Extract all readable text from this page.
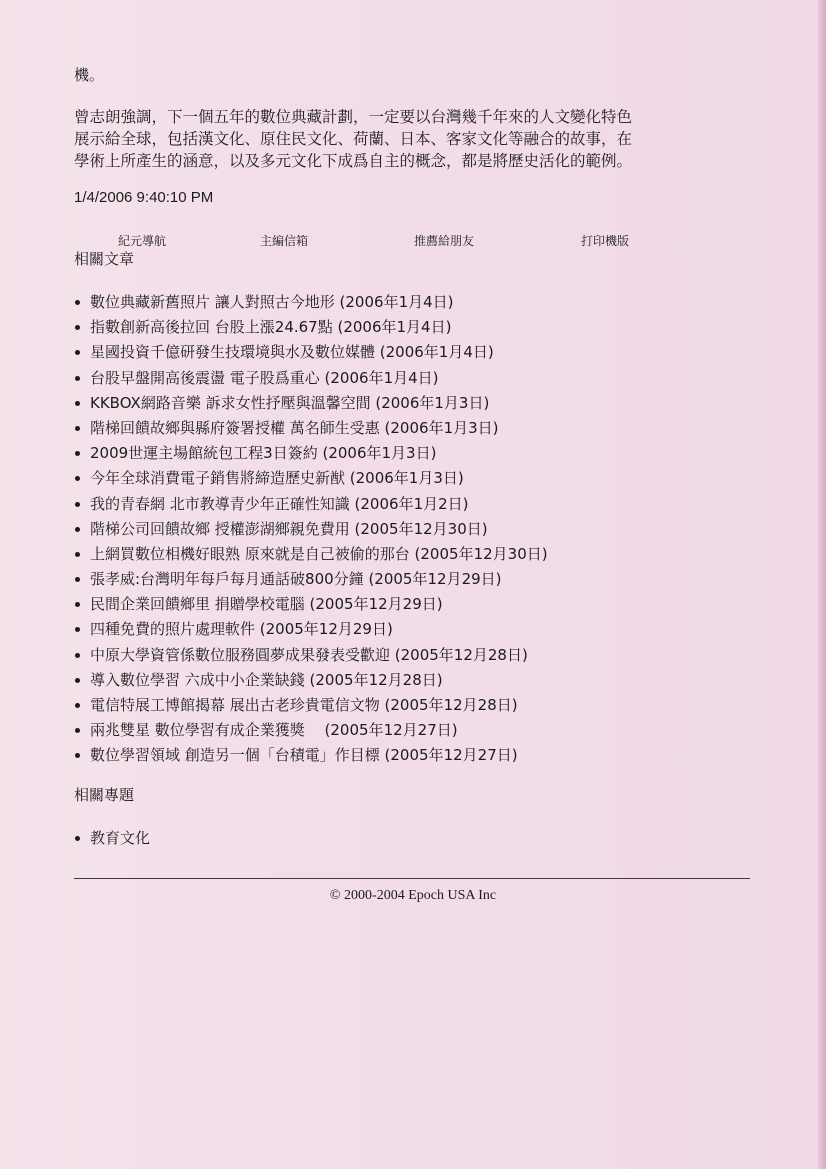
機。

曾志朗強調，下一個五年的數位典藏計劃，一定要以台灣幾千年來的人文變化特色
展示給全球，包括漢文化、原住民文化、荷蘭、日本、客家文化等融合的故事，在
學術上所產生的涵意，以及多元文化下成爲自主的概念，都是將歷史活化的範例。

1/4/2006 9:40:10 PM
紀元導航	主編信箱	推薦給朋友	打印機版
相關文章
數位典藏新舊照片 讓人對照古今地形 (2006年1月4日)
指數創新高後拉回 台股上漲24.67點 (2006年1月4日)
星國投資千億研發生技環境與水及數位媒體 (2006年1月4日)
台股早盤開高後震盪 電子股爲重心 (2006年1月4日)
KKBOX網路音樂 訴求女性抒壓與溫馨空間 (2006年1月3日)
階梯回饋故鄉與縣府簽署授權 萬名師生受惠 (2006年1月3日)
2009世運主場館統包工程3日簽約 (2006年1月3日)
今年全球消費電子銷售將締造歷史新猷 (2006年1月3日)
我的青春網 北市教導青少年正確性知識 (2006年1月2日)
階梯公司回饋故鄉 授權澎湖鄉親免費用 (2005年12月30日)
上網買數位相機好眼熟 原來就是自己被偷的那台 (2005年12月30日)
張孝威:台灣明年每戶每月通話破800分鐘 (2005年12月29日)
民間企業回饋鄉里 捐贈學校電腦 (2005年12月29日)
四種免費的照片處理軟件 (2005年12月29日)
中原大學資管係數位服務圓夢成果發表受歡迎 (2005年12月28日)
導入數位學習 六成中小企業缺錢 (2005年12月28日)
電信特展工博館揭幕 展出古老珍貴電信文物 (2005年12月28日)
兩兆雙星 數位學習有成企業獲獎　 (2005年12月27日)
數位學習領域 創造另一個「台積電」作目標 (2005年12月27日)
相關專題
教育文化
© 2000-2004 Epoch USA Inc
